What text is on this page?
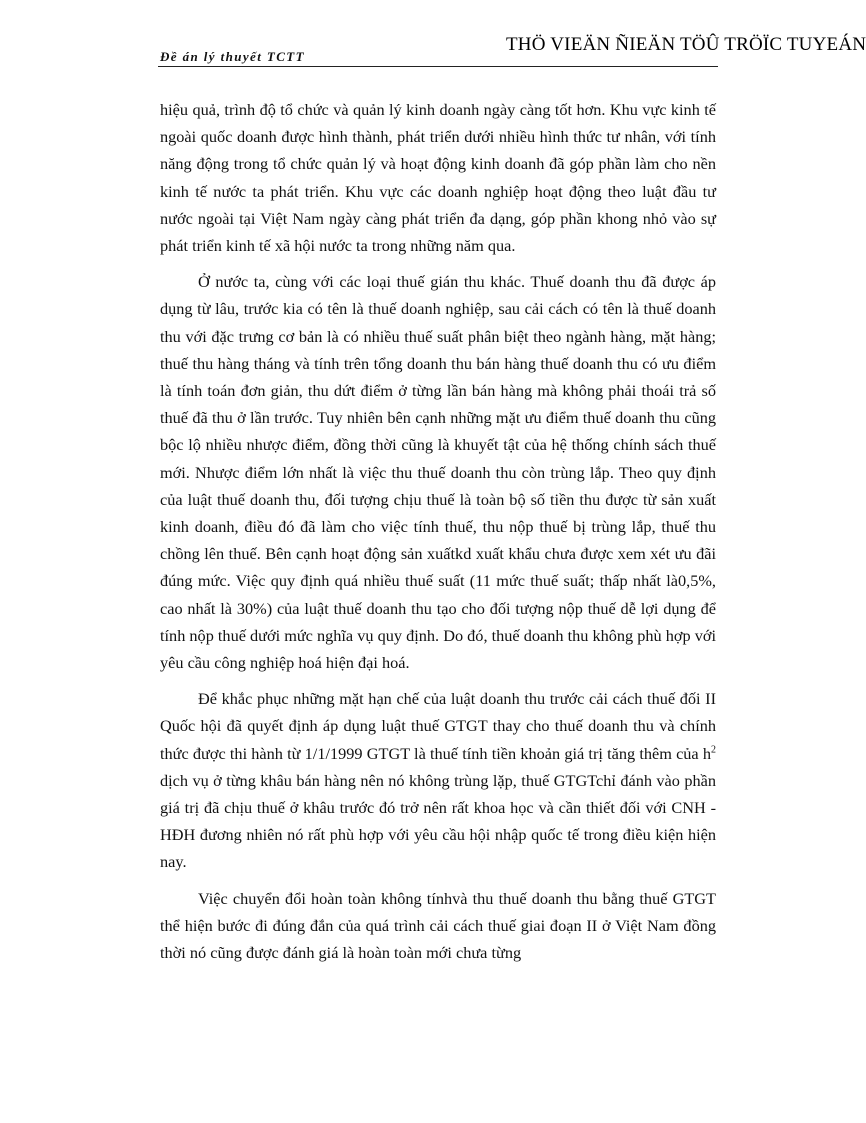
Đề án lý thuyết TCTT
THÖ VIEÄN ÑIEÄN TÖÛ TRÖÏC TUYEÁN

hiệu quả, trình độ tổ chức và quản lý kinh doanh ngày càng tốt hơn. Khu vực kinh tế ngoài quốc doanh được hình thành, phát triển dưới nhiều hình thức tư nhân, với tính năng động trong tổ chức quản lý và hoạt động kinh doanh đã góp phần làm cho nền kinh tế nước ta phát triển. Khu vực các doanh nghiệp hoạt động theo luật đầu tư nước ngoài tại Việt Nam ngày càng phát triển đa dạng, góp phần khong nhỏ vào sự phát triển kinh tế xã hội nước ta trong những năm qua.

Ở nước ta, cùng với các loại thuế gián thu khác. Thuế doanh thu đã được áp dụng từ lâu, trước kia có tên là thuế doanh nghiệp, sau cải cách có tên là thuế doanh thu với đặc trưng cơ bản là có nhiều thuế suất phân biệt theo ngành hàng, mặt hàng; thuế thu hàng tháng và tính trên tổng doanh thu bán hàng thuế doanh thu có ưu điểm là tính toán đơn giản, thu dứt điểm ở từng lần bán hàng mà không phải thoái trả số thuế đã thu ở lần trước. Tuy nhiên bên cạnh những mặt ưu điểm thuế doanh thu cũng bộc lộ nhiều nhược điểm, đồng thời cũng là khuyết tật của hệ thống chính sách thuế mới. Nhược điểm lớn nhất là việc thu thuế doanh thu còn trùng lắp. Theo quy định của luật thuế doanh thu, đối tượng chịu thuế là toàn bộ số tiền thu được từ sản xuất kinh doanh, điều đó đã làm cho việc tính thuế, thu nộp thuế bị trùng lắp, thuế thu chồng lên thuế. Bên cạnh hoạt động sản xuấtkd xuất khẩu chưa được xem xét ưu đãi đúng mức. Việc quy định quá nhiều thuế suất (11 mức thuế suất; thấp nhất là0,5%, cao nhất là 30%) của luật thuế doanh thu tạo cho đối tượng nộp thuế dễ lợi dụng để tính nộp thuế dưới mức nghĩa vụ quy định. Do đó, thuế doanh thu không phù hợp với yêu cầu công nghiệp hoá hiện đại hoá.

Để khắc phục những mặt hạn chế của luật doanh thu trước cải cách thuế đối II Quốc hội đã quyết định áp dụng luật thuế GTGT thay cho thuế doanh thu và chính thức được thi hành từ 1/1/1999 GTGT là thuế tính tiền khoản giá trị tăng thêm của $h^2$ dịch vụ ở từng khâu bán hàng nên nó không trùng lặp, thuế GTGTchỉ đánh vào phần giá trị đã chịu thuế ở khâu trước đó trở nên rất khoa học và cần thiết đối với CNH - HĐH đương nhiên nó rất phù hợp với yêu cầu hội nhập quốc tế trong điều kiện hiện nay.

Việc chuyển đổi hoàn toàn không tínhvà thu thuế doanh thu bằng thuế GTGT thể hiện bước đi đúng đắn của quá trình cải cách thuế giai đoạn II ở Việt Nam đồng thời nó cũng được đánh giá là hoàn toàn mới chưa từng
